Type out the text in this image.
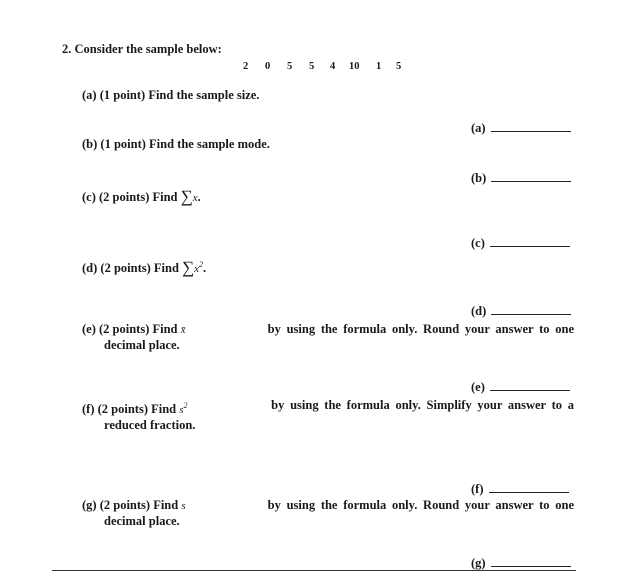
2. Consider the sample below:
2 0 5 5 4 10 1 5
(a) (1 point) Find the sample size.
(a)
(b) (1 point) Find the sample mode.
(b)
(c) (2 points) Find ∑x.
(c)
(d) (2 points) Find $\sum x^2$.
(d)
(e) (2 points) Find x̄	by using the formula only. Round your answer to one
decimal place.
(e)
(f) (2 points) Find $s^2$	by using the formula only. Simplify your answer to a
reduced fraction.
(f)
(g) (2 points) Find s	by using the formula only. Round your answer to one
decimal place.
(g)
